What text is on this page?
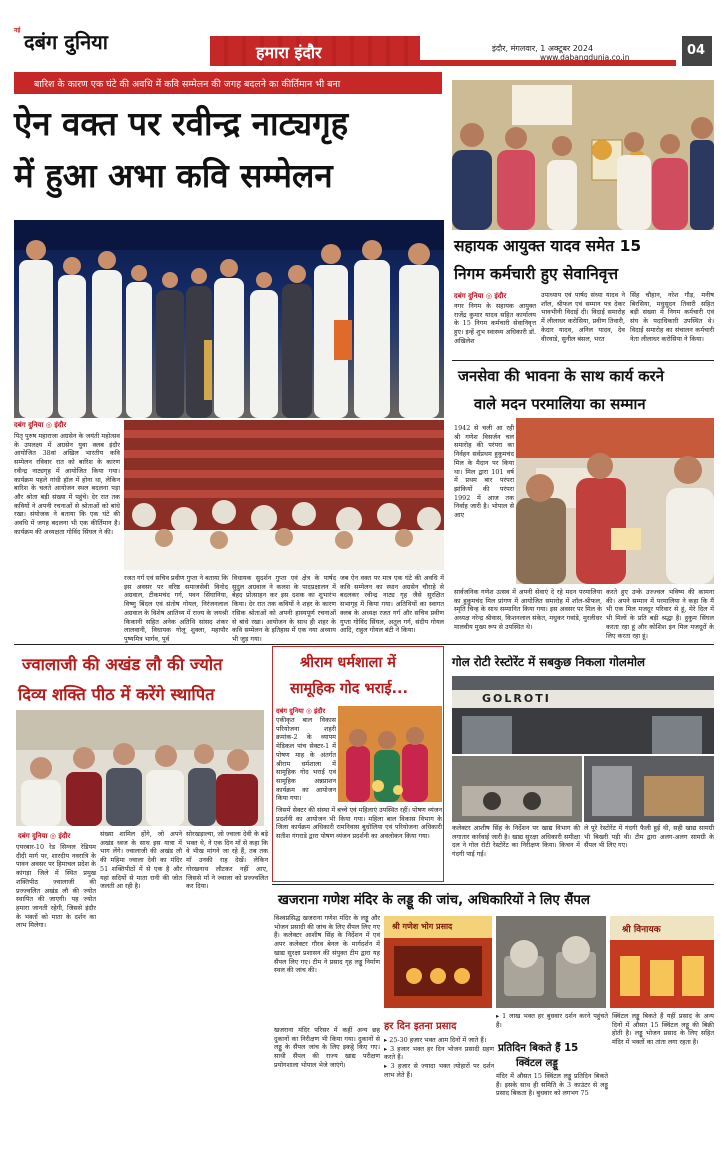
नई दबंग दुनिया	हमारा इंदौर	इंदौर, मंगलवार, 1 अक्टूबर 2024
www.dabangdunia.co.in	04
बारिश के कारण एक घंटे की अवधि में कवि सम्मेलन की जगह बदलने का कीर्तिमान भी बना
ऐन वक्त पर रवीन्द्र नाट्यगृह
में हुआ अभा कवि सम्मेलन
दबंग दुनिया ◎ इंदौर
पितृ पुरुष महाराजा अग्रसेन के जयंती महोत्सव के उपलक्ष्य में अग्रसेन युवा क्लब इंदौर आयोजित 38वां अखिल भारतीय कवि सम्मेलन रविवार रात को बारिश के कारण रवीन्द्र नाट्यगृह में आयोजित किया गया। कार्यक्रम पहले गांधी हॉल में होना था, लेकिन बारिश के चलते आयोजन स्थल बदलना पड़ा और श्रोता बड़ी संख्या में पहुंचे। देर रात तक कवियों ने अपनी रचनाओं से श्रोताओं को बांधे रखा। संयोजक ने बताया कि एक घंटे की अवधि में जगह बदलना भी एक कीर्तिमान है। कार्यक्रम की अध्यक्षता गोविंद सिंघल ने की।
रजत गर्ग एवं सचिव प्रवीण गुप्ता ने बताया कि इस अवसर पर वरिष्ठ समाजसेवी विनोद अग्रवाल, टीकमचंद गर्ग, पवन सिंघानिया, विष्णु बिंदल एवं संतोष गोयल, निरंजनलाल अग्रवाल के विशेष आतिथ्य में राज्य के जयश्री किकानी सहित अनेक अतिथि सांसद शंकर लालवानी, विधायक गोलू शुक्ला, महापौर पुष्यमित्र भार्गव, पूर्व
विधायक सुदर्शन गुप्ता एवं क्षेत्र के पार्षद सुदुल अग्रवाल ने कलश के पादप्रक्षालन में बेहद प्रोत्साहन कर इस दशक का शुभारंभ किया। देर रात तक कवियों ने शहर के कारण रसिक श्रोताओं को अपनी हास्यपूर्ण रचनाओं से बांधे रखा। आयोजन के साथ ही शहर के कवि सम्मेलन के इतिहास में एक नया अध्याय भी जुड़ गया।
जब ऐन वक्त पर मात्र एक घंटे की अवधि में कवि सम्मेलन का स्थान अग्रसेन चौराहे से बदलकर रवीन्द्र नाट्य गृह जैसे सुरक्षित सभागृह में किया गया। अतिथियों का स्वागत क्लब के अध्यक्ष रजत गर्ग और सचिव प्रवीण गुप्ता गोविंद सिंघल, अतुल गर्ग, संदीप गोयल आदि, राहुल गोयल बंटी ने किया।
सहायक आयुक्त यादव समेत 15
निगम कर्मचारी हुए सेवानिवृत्त
दबंग दुनिया ◎ इंदौर
नगर निगम के सहायक आयुक्त राजेंद्र कुमार यादव सहित कार्यालय के 15 निगम कर्मचारी सेवानिवृत्त हुए। इन्हें शुभ स्वास्थ्य अधिकारी डॉ. अखिलेश
उपाध्याय एवं पार्षद संध्या यादव ने शॉल, श्रीफल एवं सम्मान पत्र देकर भावभीनी विदाई दी। विदाई समारोह में लीलाधर करोसिया, प्रवीण तिवारी, केदार यादव, अनिल यादव, देव वीरवाडे, सुनील बंसल, भरत
सिंह चौहान, नरेश गौड़, मनीष बिरसिया, मधुसूदन तिवारी सहित बड़ी संख्या में निगम कर्मचारी एवं संघ के पदाधिकारी उपस्थित थे। विदाई समारोह का संचालन कर्मचारी नेता लीलाधर करोसिया ने किया।
जनसेवा की भावना के साथ कार्य करने
वाले मदन परमालिया का सम्मान
1942 से चली आ रही श्री गणेश विसर्जन चल समारोह की परंपरा का निर्वहन सर्वप्रथम हुकुमचंद मिल के मैदान पर किया था। मिल द्वारा 101 वर्ष में प्रथम बार परंपरा झांकियों की परंपरा 1992 में आज तक निर्वाह जारी है। भोपाल से आए
सार्वजनिक गणेश उत्सव में अपनी सेवाएं दे रहे मदन परमालिया का हुकुमचंद मिल प्रांगण में आयोजित समारोह में शॉल-श्रीफल, स्मृति चिन्ह के साथ सम्मानित किया गया। इस अवसर पर मिल के अध्यक्ष नरेन्द्र श्रीवास, किशनलाल संकेत, मधुकर गवांडे, मुरलीधर मालवीय मुख्य रूप से उपस्थित थे।
करते हुए उन्के उज्ज्वल भविष्य की कामना की। अपने सम्मान में परमालिया ने कहा कि मैं भी एक मिल मजदूर परिवार से हूं, मेरे दिल में भी मिलों के प्रति बड़ी श्रद्धा है। हुकुम सिंघल करता रहा हूं और कोशिश इन मिल मजदूरों के लिए करता रहा हूं।
ज्वालाजी की अखंड लौ की ज्योत
दिव्य शक्ति पीठ में करेंगे स्थापित
दबंग दुनिया ◎ इंदौर
एयरबार-10 रेड सिग्नल रेडियम दीदी मार्ग पर, शारदीय नवरात्रि के पावन अवसर पर हिमाचल प्रदेश के कांगड़ा जिले में स्थित प्रमुख शक्तिपीठ ज्वालाजी की प्रज्ज्वलित अखंड लौ की ज्योत स्थापित की जाएगी। यह ज्योत हमारा जानती रहेगी, जिससे इंदौर के भक्तों को माता के दर्शन का लाभ मिलेगा।
संख्या शामिल होंगे, जो अपने अखंड ध्वज के साथ इस यात्रा में भाग लेंगे। ज्वालाजी की अखंड लौ की महिमा ज्वाला देवी का मंदिर 51 शक्तिपीठों में से एक है और यहां सदियों से माता रानी की जोत जलती आ रही है।
सोरखड़ाल्या, जो ज्वाला देवी के बड़े भक्त थे, ने एक दिन माँ से कहा कि वे भीख मांगने जा रहे हैं, तब तक माँ उनकी राह देखें। लेकिन गोरखनाथ लौटकर नहीं आए, जिससे माँ ने ज्वाला को प्रज्ज्वलित कर दिया।
श्रीराम धर्मशाला में
सामूहिक गोद भराई...
दबंग दुनिया ◎ इंदौर
एकीकृत बाल विकास परियोजना शहरी क्रमांक-2 के व्यापम मेडिकल पांच सेक्टर-1 में पोषण माह के अंतर्गत श्रीराम धर्मशाला में सामूहिक गोद भराई एवं सामूहिक अन्नप्राशन कार्यक्रम का आयोजन किया गया।
जिसमें सेक्टर की संस्था में बच्चे एवं महिलाएं उपस्थित रहीं। पोषण व्यंजन प्रदर्शनी का आयोजन भी किया गया। महिला बाल विकास विभाग के जिला कार्यक्रम अधिकारी रामनिवास बुधोलिया एवं परियोजना अधिकारी सतीश गंगराडे द्वारा पोषण व्यंजन प्रदर्शनी का अवलोकन किया गया।
गोल रोटी रेस्टोरेंट में सबकुछ निकला गोलमोल
GOLROTI
कलेक्टर आशीष सिंह के निर्देशन पर खाद्य विभाग की लगातार कार्रवाई जारी है। खाद्य सुरक्षा अधिकारी समीक्षा दल ने गोल रोटी रेस्टोरेंट का निरीक्षण किया। किचन में गंदगी पाई गई।
ले पूरे रेस्टोरेंट में गंदगी फैली हुई थी, सही खाद्य सामग्री भी बिखरी पड़ी थी। टीम द्वारा अलग-अलग सामग्री के सैंपल भी लिए गए।
खजराना गणेश मंदिर के लड्डू की जांच, अधिकारियों ने लिए सैंपल
विश्वप्रसिद्ध खजराना गणेश मंदिर के लड्डू और भोजन प्रसादी की जांच के लिए सैंपल लिए गए हैं। कलेक्टर आशीष सिंह के निर्देशन में एवं अपर कलेक्टर गौरव बेनल के मार्गदर्शन में खाद्य सुरक्षा प्रशासन की संयुक्त टीम द्वारा यह सैंपल लिए गए। टीम ने प्रसाद गृह लड्डू निर्माण स्थल की जांच की।
खजराना मंदिर परिसर में कहीं अन्य छह दुकानों का निरीक्षण भी किया गया। दुकानों से लड्डू के सैंपल जांच के लिए इकट्ठे किए गए। साथी सैंपल की राज्य खाद्य परीक्षण प्रयोगशाला भोपाल भेजे जाएंगे।
श्री गणेश भोग प्रसाद	श्री विनायक
हर दिन इतना प्रसाद
▸ 25-30 हजार भक्त आम दिनों में जाते हैं।
▸ 3 हजार भक्त हर दिन भोजन प्रसादी ग्रहण करते हैं।
▸ 3 हजार से ज्यादा भक्त त्योहारों पर दर्शन लाभ लेते हैं।
▸ 1 लाख भक्त हर बुधवार दर्शन करने पहुंचते हैं।
प्रतिदिन बिकते हैं 15
क्विंटल लड्डू
मंदिर में औसत 15 क्विंटल लड्डू प्रतिदिन बिकते हैं। इसके साथ ही समिति के 3 काउंटर से लड्डू प्रसाद बिकता है। बुधवार को लगभग 75
क्विंटल लड्डू बिकते हैं यहीं प्रसाद के अन्य दिनों में औसत 15 क्विंटल लड्डू की बिक्री होती है। लड्डू भोजन प्रसाद के लिए सहित मंदिर में भक्तों का तांता लगा रहता है।
